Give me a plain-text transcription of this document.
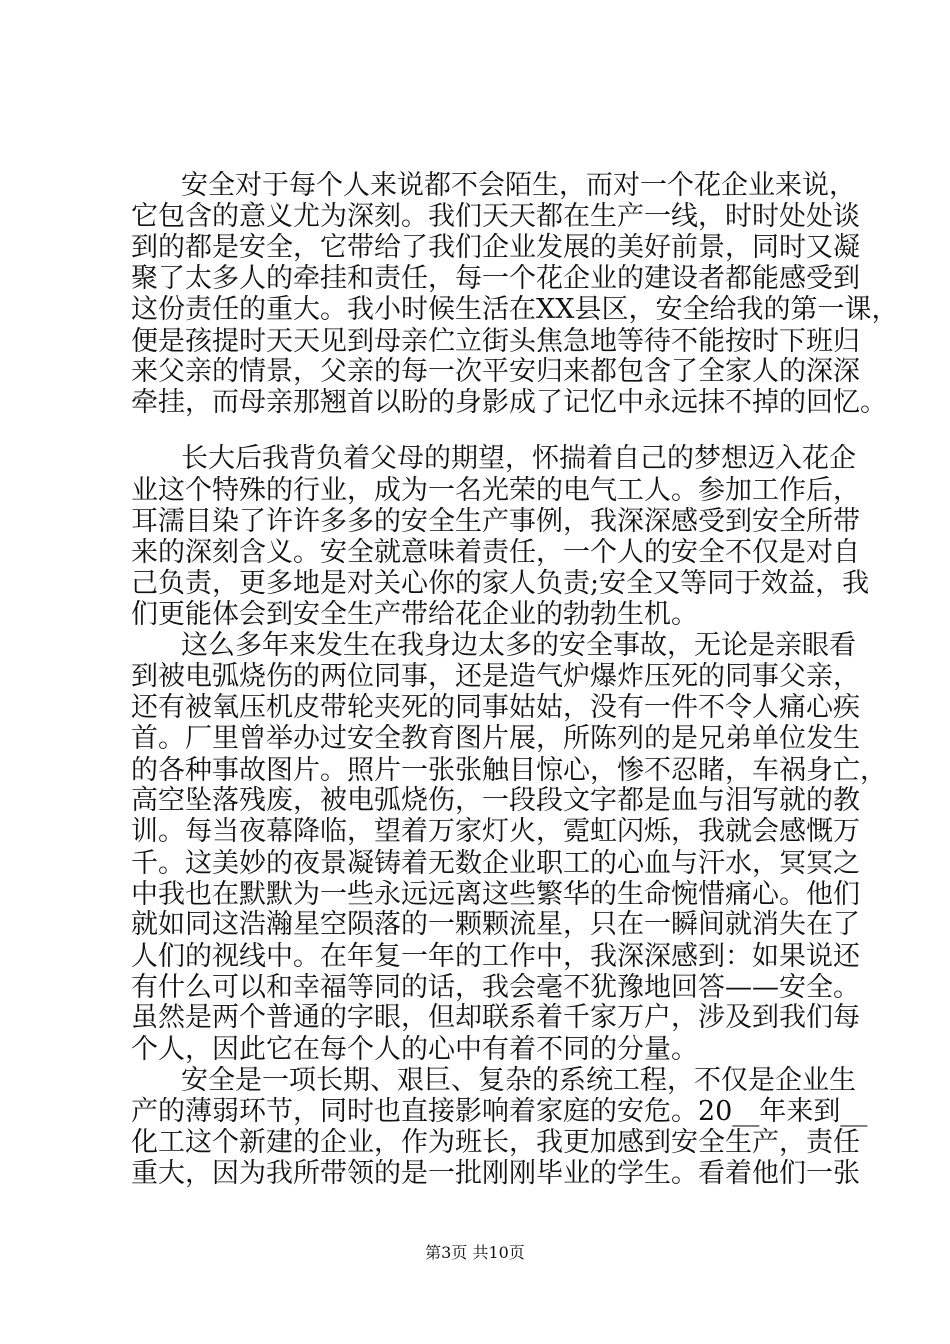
安全对于每个人来说都不会陌生，而对一个花企业来说，
它包含的意义尤为深刻。我们天天都在生产一线，时时处处谈
到的都是安全，它带给了我们企业发展的美好前景，同时又凝
聚了太多人的牵挂和责任，每一个花企业的建设者都能感受到
这份责任的重大。我小时候生活在XX县区，安全给我的第一课，
便是孩提时天天见到母亲伫立街头焦急地等待不能按时下班归
来父亲的情景，父亲的每一次平安归来都包含了全家人的深深
牵挂，而母亲那翘首以盼的身影成了记忆中永远抹不掉的回忆。
长大后我背负着父母的期望，怀揣着自己的梦想迈入花企
业这个特殊的行业，成为一名光荣的电气工人。参加工作后，
耳濡目染了许许多多的安全生产事例，我深深感受到安全所带
来的深刻含义。安全就意味着责任，一个人的安全不仅是对自
己负责，更多地是对关心你的家人负责;安全又等同于效益，我
们更能体会到安全生产带给花企业的勃勃生机。
这么多年来发生在我身边太多的安全事故，无论是亲眼看
到被电弧烧伤的两位同事，还是造气炉爆炸压死的同事父亲，
还有被氧压机皮带轮夹死的同事姑姑，没有一件不令人痛心疾
首。厂里曾举办过安全教育图片展，所陈列的是兄弟单位发生
的各种事故图片。照片一张张触目惊心，惨不忍睹，车祸身亡，
高空坠落残废，被电弧烧伤，一段段文字都是血与泪写就的教
训。每当夜幕降临，望着万家灯火，霓虹闪烁，我就会感慨万
千。这美妙的夜景凝铸着无数企业职工的心血与汗水，冥冥之
中我也在默默为一些永远远离这些繁华的生命惋惜痛心。他们
就如同这浩瀚星空陨落的一颗颗流星，只在一瞬间就消失在了
人们的视线中。在年复一年的工作中，我深深感到：如果说还
有什么可以和幸福等同的话，我会毫不犹豫地回答——安全。
虽然是两个普通的字眼，但却联系着千家万户，涉及到我们每
个人，因此它在每个人的心中有着不同的分量。
安全是一项长期、艰巨、复杂的系统工程，不仅是企业生
产的薄弱环节，同时也直接影响着家庭的安危。20__年来到__
化工这个新建的企业，作为班长，我更加感到安全生产，责任
重大，因为我所带领的是一批刚刚毕业的学生。看着他们一张
第3页 共10页
